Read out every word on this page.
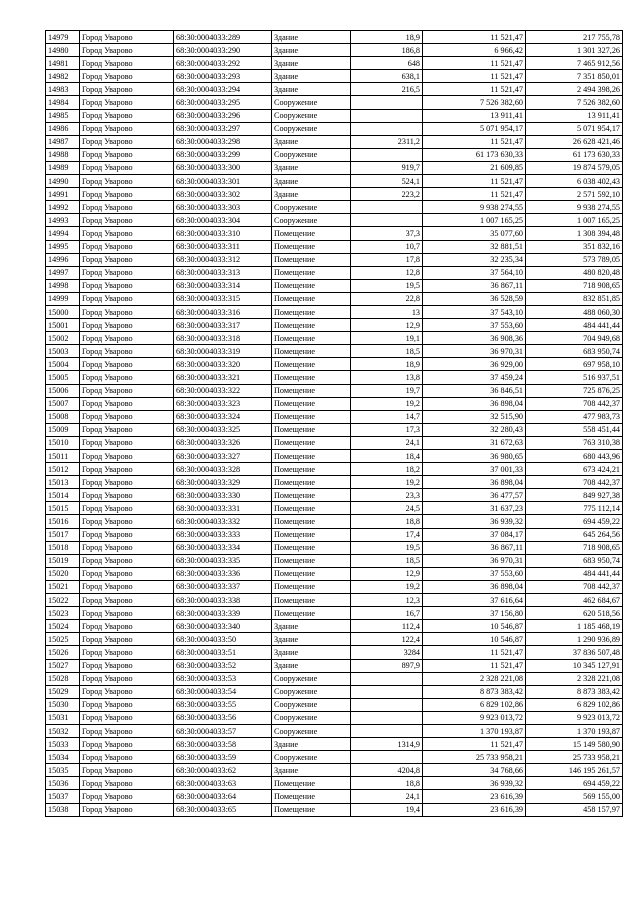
14979	Город Уварово	68:30:0004033:289	Здание	18,9	11 521,47	217 755,78
14980	Город Уварово	68:30:0004033:290	Здание	186,8	6 966,42	1 301 327,26
14981	Город Уварово	68:30:0004033:292	Здание	648	11 521,47	7 465 912,56
14982	Город Уварово	68:30:0004033:293	Здание	638,1	11 521,47	7 351 850,01
14983	Город Уварово	68:30:0004033:294	Здание	216,5	11 521,47	2 494 398,26
14984	Город Уварово	68:30:0004033:295	Сооружение		7 526 382,60	7 526 382,60
14985	Город Уварово	68:30:0004033:296	Сооружение		13 911,41	13 911,41
14986	Город Уварово	68:30:0004033:297	Сооружение		5 071 954,17	5 071 954,17
14987	Город Уварово	68:30:0004033:298	Здание	2311,2	11 521,47	26 628 421,46
14988	Город Уварово	68:30:0004033:299	Сооружение		61 173 630,33	61 173 630,33
14989	Город Уварово	68:30:0004033:300	Здание	919,7	21 609,85	19 874 579,05
14990	Город Уварово	68:30:0004033:301	Здание	524,1	11 521,47	6 038 402,43
14991	Город Уварово	68:30:0004033:302	Здание	223,2	11 521,47	2 571 592,10
14992	Город Уварово	68:30:0004033:303	Сооружение		9 938 274,55	9 938 274,55
14993	Город Уварово	68:30:0004033:304	Сооружение		1 007 165,25	1 007 165,25
14994	Город Уварово	68:30:0004033:310	Помещение	37,3	35 077,60	1 308 394,48
14995	Город Уварово	68:30:0004033:311	Помещение	10,7	32 881,51	351 832,16
14996	Город Уварово	68:30:0004033:312	Помещение	17,8	32 235,34	573 789,05
14997	Город Уварово	68:30:0004033:313	Помещение	12,8	37 564,10	480 820,48
14998	Город Уварово	68:30:0004033:314	Помещение	19,5	36 867,11	718 908,65
14999	Город Уварово	68:30:0004033:315	Помещение	22,8	36 528,59	832 851,85
15000	Город Уварово	68:30:0004033:316	Помещение	13	37 543,10	488 060,30
15001	Город Уварово	68:30:0004033:317	Помещение	12,9	37 553,60	484 441,44
15002	Город Уварово	68:30:0004033:318	Помещение	19,1	36 908,36	704 949,68
15003	Город Уварово	68:30:0004033:319	Помещение	18,5	36 970,31	683 950,74
15004	Город Уварово	68:30:0004033:320	Помещение	18,9	36 929,00	697 958,10
15005	Город Уварово	68:30:0004033:321	Помещение	13,8	37 459,24	516 937,51
15006	Город Уварово	68:30:0004033:322	Помещение	19,7	36 846,51	725 876,25
15007	Город Уварово	68:30:0004033:323	Помещение	19,2	36 898,04	708 442,37
15008	Город Уварово	68:30:0004033:324	Помещение	14,7	32 515,90	477 983,73
15009	Город Уварово	68:30:0004033:325	Помещение	17,3	32 280,43	558 451,44
15010	Город Уварово	68:30:0004033:326	Помещение	24,1	31 672,63	763 310,38
15011	Город Уварово	68:30:0004033:327	Помещение	18,4	36 980,65	680 443,96
15012	Город Уварово	68:30:0004033:328	Помещение	18,2	37 001,33	673 424,21
15013	Город Уварово	68:30:0004033:329	Помещение	19,2	36 898,04	708 442,37
15014	Город Уварово	68:30:0004033:330	Помещение	23,3	36 477,57	849 927,38
15015	Город Уварово	68:30:0004033:331	Помещение	24,5	31 637,23	775 112,14
15016	Город Уварово	68:30:0004033:332	Помещение	18,8	36 939,32	694 459,22
15017	Город Уварово	68:30:0004033:333	Помещение	17,4	37 084,17	645 264,56
15018	Город Уварово	68:30:0004033:334	Помещение	19,5	36 867,11	718 908,65
15019	Город Уварово	68:30:0004033:335	Помещение	18,5	36 970,31	683 950,74
15020	Город Уварово	68:30:0004033:336	Помещение	12,9	37 553,60	484 441,44
15021	Город Уварово	68:30:0004033:337	Помещение	19,2	36 898,04	708 442,37
15022	Город Уварово	68:30:0004033:338	Помещение	12,3	37 616,64	462 684,67
15023	Город Уварово	68:30:0004033:339	Помещение	16,7	37 156,80	620 518,56
15024	Город Уварово	68:30:0004033:340	Здание	112,4	10 546,87	1 185 468,19
15025	Город Уварово	68:30:0004033:50	Здание	122,4	10 546,87	1 290 936,89
15026	Город Уварово	68:30:0004033:51	Здание	3284	11 521,47	37 836 507,48
15027	Город Уварово	68:30:0004033:52	Здание	897,9	11 521,47	10 345 127,91
15028	Город Уварово	68:30:0004033:53	Сооружение		2 328 221,08	2 328 221,08
15029	Город Уварово	68:30:0004033:54	Сооружение		8 873 383,42	8 873 383,42
15030	Город Уварово	68:30:0004033:55	Сооружение		6 829 102,86	6 829 102,86
15031	Город Уварово	68:30:0004033:56	Сооружение		9 923 013,72	9 923 013,72
15032	Город Уварово	68:30:0004033:57	Сооружение		1 370 193,87	1 370 193,87
15033	Город Уварово	68:30:0004033:58	Здание	1314,9	11 521,47	15 149 580,90
15034	Город Уварово	68:30:0004033:59	Сооружение		25 733 958,21	25 733 958,21
15035	Город Уварово	68:30:0004033:62	Здание	4204,8	34 768,66	146 195 261,57
15036	Город Уварово	68:30:0004033:63	Помещение	18,8	36 939,32	694 459,22
15037	Город Уварово	68:30:0004033:64	Помещение	24,1	23 616,39	569 155,00
15038	Город Уварово	68:30:0004033:65	Помещение	19,4	23 616,39	458 157,97
